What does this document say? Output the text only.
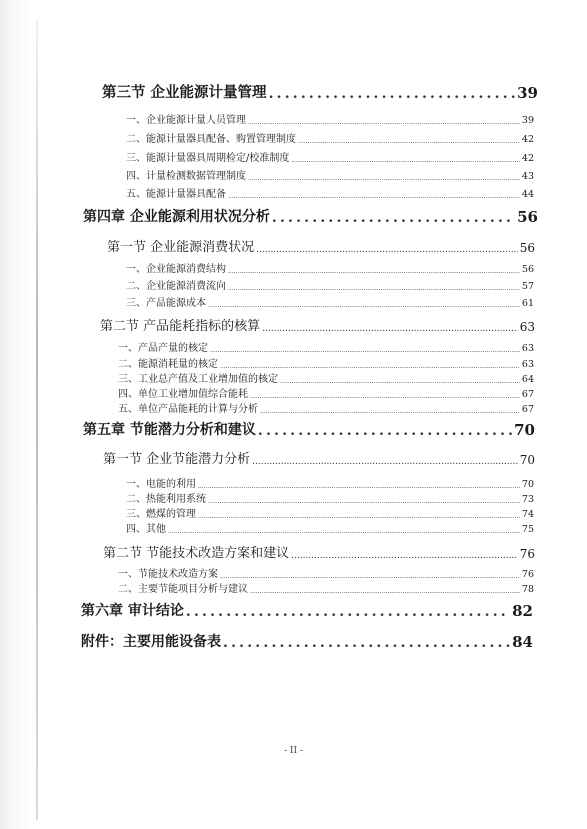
第三节 企业能源计量管理 .....	39
一、企业能源计量人员管理 .....	39
二、能源计量器具配备、购置管理制度 .....	42
三、能源计量器具周期检定/校准制度 .....	42
四、计量检测数据管理制度 .....	43
五、能源计量器具配备 .....	44
第四章 企业能源利用状况分析 .....	56
第一节 企业能源消费状况 .....	56
一、企业能源消费结构 .....	56
二、企业能源消费流向 .....	57
三、产品能源成本 .....	61
第二节 产品能耗指标的核算 .....	63
一、产品产量的核定 .....	63
二、能源消耗量的核定 .....	63
三、工业总产值及工业增加值的核定 .....	64
四、单位工业增加值综合能耗 .....	67
五、单位产品能耗的计算与分析 .....	67
第五章 节能潜力分析和建议 .....	70
第一节 企业节能潜力分析 .....	70
一、电能的利用 .....	70
二、热能利用系统 .....	73
三、燃煤的管理 .....	74
四、其他 .....	75
第二节 节能技术改造方案和建议 .....	76
一、节能技术改造方案 .....	76
二、主要节能项目分析与建议 .....	78
第六章 审计结论 .....	82
附件：主要用能设备表 .....	84
- II -
